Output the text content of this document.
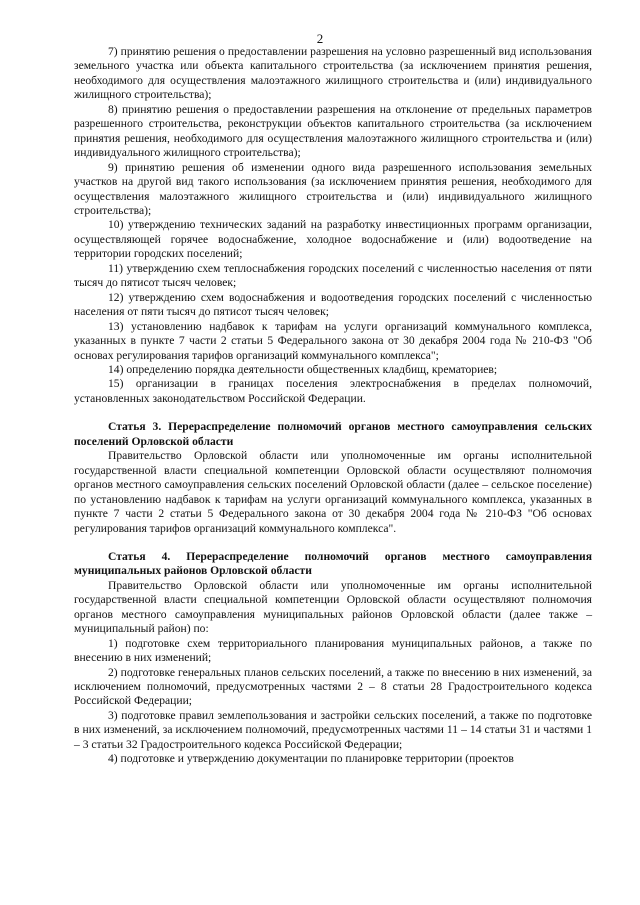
2

7) принятию решения о предоставлении разрешения на условно разрешенный вид использования земельного участка или объекта капитального строительства (за исключением принятия решения, необходимого для осуществления малоэтажного жилищного строительства и (или) индивидуального жилищного строительства);

8) принятию решения о предоставлении разрешения на отклонение от предельных параметров разрешенного строительства, реконструкции объектов капитального строительства (за исключением принятия решения, необходимого для осуществления малоэтажного жилищного строительства и (или) индивидуального жилищного строительства);

9) принятию решения об изменении одного вида разрешенного использования земельных участков на другой вид такого использования (за исключением принятия решения, необходимого для осуществления малоэтажного жилищного строительства и (или) индивидуального жилищного строительства);

10) утверждению технических заданий на разработку инвестиционных программ организации, осуществляющей горячее водоснабжение, холодное водоснабжение и (или) водоотведение на территории городских поселений;

11) утверждению схем теплоснабжения городских поселений с численностью населения от пяти тысяч до пятисот тысяч человек;

12) утверждению схем водоснабжения и водоотведения городских поселений с численностью населения от пяти тысяч до пятисот тысяч человек;

13) установлению надбавок к тарифам на услуги организаций коммунального комплекса, указанных в пункте 7 части 2 статьи 5 Федерального закона от 30 декабря 2004 года № 210-ФЗ "Об основах регулирования тарифов организаций коммунального комплекса";

14) определению порядка деятельности общественных кладбищ, крематориев;

15) организации в границах поселения электроснабжения в пределах полномочий, установленных законодательством Российской Федерации.

Статья 3. Перераспределение полномочий органов местного самоуправления сельских поселений Орловской области

Правительство Орловской области или уполномоченные им органы исполнительной государственной власти специальной компетенции Орловской области осуществляют полномочия органов местного самоуправления сельских поселений Орловской области (далее – сельское поселение) по установлению надбавок к тарифам на услуги организаций коммунального комплекса, указанных в пункте 7 части 2 статьи 5 Федерального закона от 30 декабря 2004 года № 210-ФЗ "Об основах регулирования тарифов организаций коммунального комплекса".

Статья 4. Перераспределение полномочий органов местного самоуправления муниципальных районов Орловской области

Правительство Орловской области или уполномоченные им органы исполнительной государственной власти специальной компетенции Орловской области осуществляют полномочия органов местного самоуправления муниципальных районов Орловской области (далее также – муниципальный район) по:

1) подготовке схем территориального планирования муниципальных районов, а также по внесению в них изменений;

2) подготовке генеральных планов сельских поселений, а также по внесению в них изменений, за исключением полномочий, предусмотренных частями 2 – 8 статьи 28 Градостроительного кодекса Российской Федерации;

3) подготовке правил землепользования и застройки сельских поселений, а также по подготовке в них изменений, за исключением полномочий, предусмотренных частями 11 – 14 статьи 31 и частями 1 – 3 статьи 32 Градостроительного кодекса Российской Федерации;

4) подготовке и утверждению документации по планировке территории (проектов
